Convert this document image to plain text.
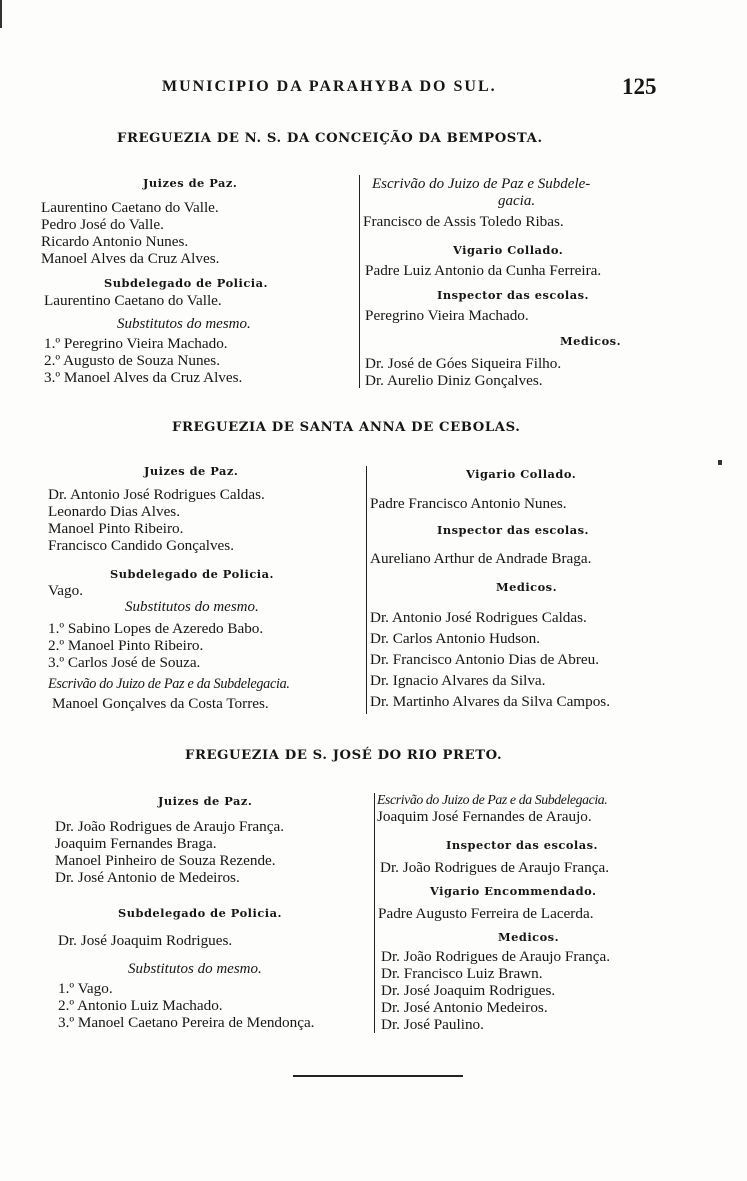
MUNICIPIO DA PARAHYBA DO SUL.	125
FREGUEZIA DE N. S. DA CONCEIÇÃO DA BEMPOSTA.
Juizes de Paz.
Laurentino Caetano do Valle.
Pedro José do Valle.
Ricardo Antonio Nunes.
Manoel Alves da Cruz Alves.
Subdelegado de Policia.
Laurentino Caetano do Valle.
Substitutos do mesmo.
1.º Peregrino Vieira Machado.
2.º Augusto de Souza Nunes.
3.º Manoel Alves da Cruz Alves.
Escrivão do Juizo de Paz e Subdele-
gacia.
Francisco de Assis Toledo Ribas.
Vigario Collado.
Padre Luiz Antonio da Cunha Ferreira.
Inspector das escolas.
Peregrino Vieira Machado.
Medicos.
Dr. José de Góes Siqueira Filho.
Dr. Aurelio Diniz Gonçalves.
FREGUEZIA DE SANTA ANNA DE CEBOLAS.
Juizes de Paz.
Dr. Antonio José Rodrigues Caldas.
Leonardo Dias Alves.
Manoel Pinto Ribeiro.
Francisco Candido Gonçalves.
Subdelegado de Policia.
Vago.
Substitutos do mesmo.
1.º Sabino Lopes de Azeredo Babo.
2.º Manoel Pinto Ribeiro.
3.º Carlos José de Souza.
Escrivão do Juizo de Paz e da Subdelegacia.
Manoel Gonçalves da Costa Torres.
Vigario Collado.
Padre Francisco Antonio Nunes.
Inspector das escolas.
Aureliano Arthur de Andrade Braga.
Medicos.
Dr. Antonio José Rodrigues Caldas.
Dr. Carlos Antonio Hudson.
Dr. Francisco Antonio Dias de Abreu.
Dr. Ignacio Alvares da Silva.
Dr. Martinho Alvares da Silva Campos.
FREGUEZIA DE S. JOSÉ DO RIO PRETO.
Juizes de Paz.
Dr. João Rodrigues de Araujo França.
Joaquim Fernandes Braga.
Manoel Pinheiro de Souza Rezende.
Dr. José Antonio de Medeiros.
Subdelegado de Policia.
Dr. José Joaquim Rodrigues.
Substitutos do mesmo.
1.º Vago.
2.º Antonio Luiz Machado.
3.º Manoel Caetano Pereira de Mendonça.
Escrivão do Juizo de Paz e da Subdelegacia.
Joaquim José Fernandes de Araujo.
Inspector das escolas.
Dr. João Rodrigues de Araujo França.
Vigario Encommendado.
Padre Augusto Ferreira de Lacerda.
Medicos.
Dr. João Rodrigues de Araujo França.
Dr. Francisco Luiz Brawn.
Dr. José Joaquim Rodrigues.
Dr. José Antonio Medeiros.
Dr. José Paulino.
